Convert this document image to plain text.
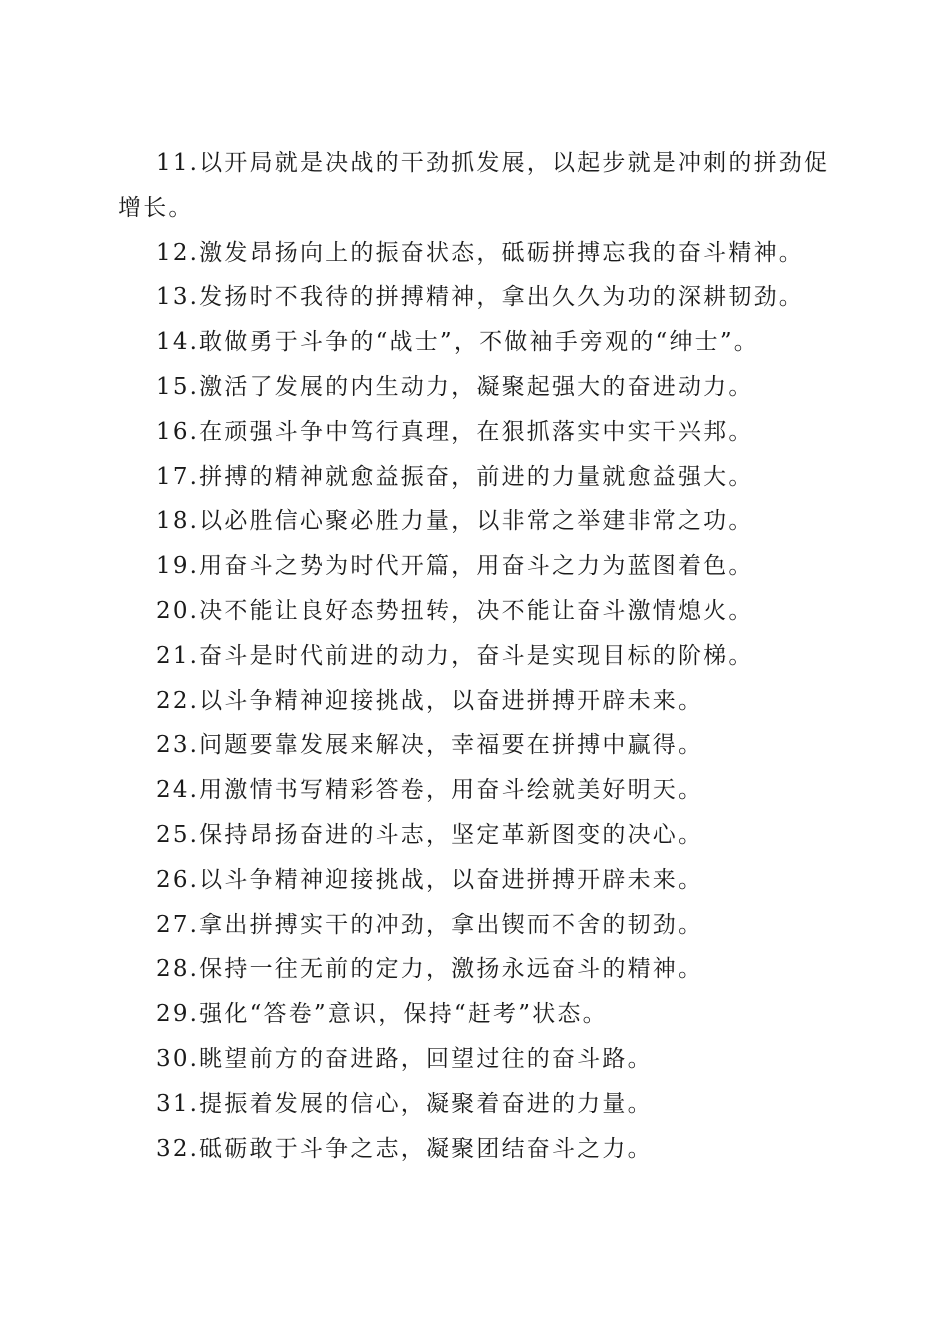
11.以开局就是决战的干劲抓发展，以起步就是冲刺的拼劲促增长。

12.激发昂扬向上的振奋状态，砥砺拼搏忘我的奋斗精神。

13.发扬时不我待的拼搏精神，拿出久久为功的深耕韧劲。

14.敢做勇于斗争的“战士”，不做袖手旁观的“绅士”。

15.激活了发展的内生动力，凝聚起强大的奋进动力。

16.在顽强斗争中笃行真理，在狠抓落实中实干兴邦。

17.拼搏的精神就愈益振奋，前进的力量就愈益强大。

18.以必胜信心聚必胜力量，以非常之举建非常之功。

19.用奋斗之势为时代开篇，用奋斗之力为蓝图着色。

20.决不能让良好态势扭转，决不能让奋斗激情熄火。

21.奋斗是时代前进的动力，奋斗是实现目标的阶梯。

22.以斗争精神迎接挑战，以奋进拼搏开辟未来。

23.问题要靠发展来解决，幸福要在拼搏中赢得。

24.用激情书写精彩答卷，用奋斗绘就美好明天。

25.保持昂扬奋进的斗志，坚定革新图变的决心。

26.以斗争精神迎接挑战，以奋进拼搏开辟未来。

27.拿出拼搏实干的冲劲，拿出锲而不舍的韧劲。

28.保持一往无前的定力，激扬永远奋斗的精神。

29.强化“答卷”意识，保持“赶考”状态。

30.眺望前方的奋进路，回望过往的奋斗路。

31.提振着发展的信心，凝聚着奋进的力量。

32.砥砺敢于斗争之志，凝聚团结奋斗之力。
